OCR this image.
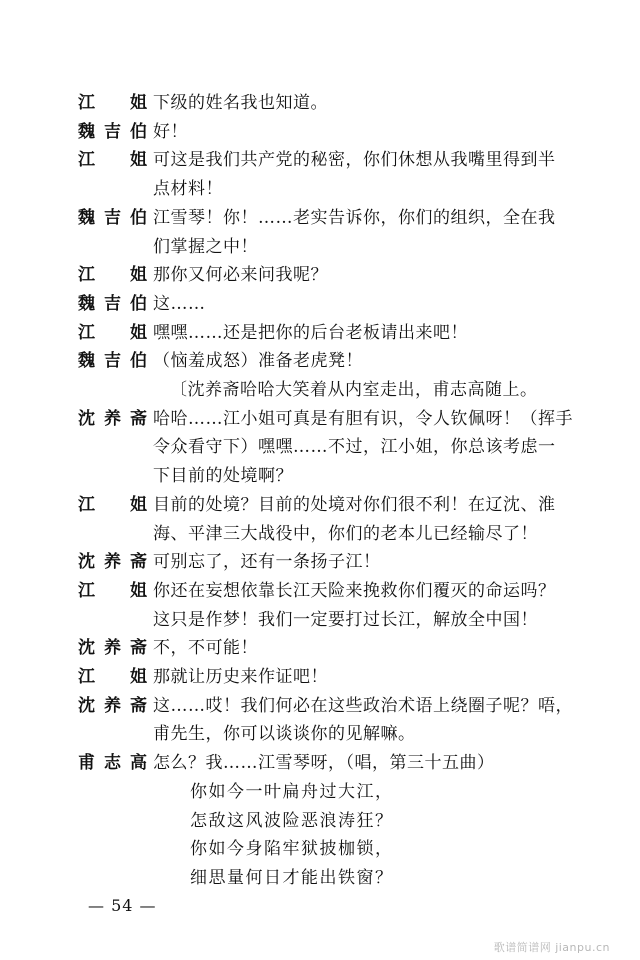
江　姐 下级的姓名我也知道。
魏吉伯 好！
江　姐 可这是我们共产党的秘密，你们休想从我嘴里得到半
点材料！
魏吉伯 江雪琴！你！……老实告诉你，你们的组织，全在我
们掌握之中！
江　姐 那你又何必来问我呢？
魏吉伯 这……
江　姐 嘿嘿……还是把你的后台老板请出来吧！
魏吉伯 （恼羞成怒）准备老虎凳！
〔沈养斋哈哈大笑着从内室走出，甫志高随上。
沈养斋 哈哈……江小姐可真是有胆有识，令人钦佩呀！（挥手
令众看守下）嘿嘿……不过，江小姐，你总该考虑一
下目前的处境啊？
江　姐 目前的处境？目前的处境对你们很不利！在辽沈、淮
海、平津三大战役中，你们的老本儿已经输尽了！
沈养斋 可别忘了，还有一条扬子江！
江　姐 你还在妄想依靠长江天险来挽救你们覆灭的命运吗？
这只是作梦！我们一定要打过长江，解放全中国！
沈养斋 不，不可能！
江　姐 那就让历史来作证吧！
沈养斋 这……哎！我们何必在这些政治术语上绕圈子呢？唔，
甫先生，你可以谈谈你的见解嘛。
甫志高 怎么？我……江雪琴呀，（唱，第三十五曲）
你如今一叶扁舟过大江，
怎敌这风波险恶浪涛狂？
你如今身陷牢狱披枷锁，
细思量何日才能出铁窗？
— 54 —
歌谱简谱网 jianpu.cn
